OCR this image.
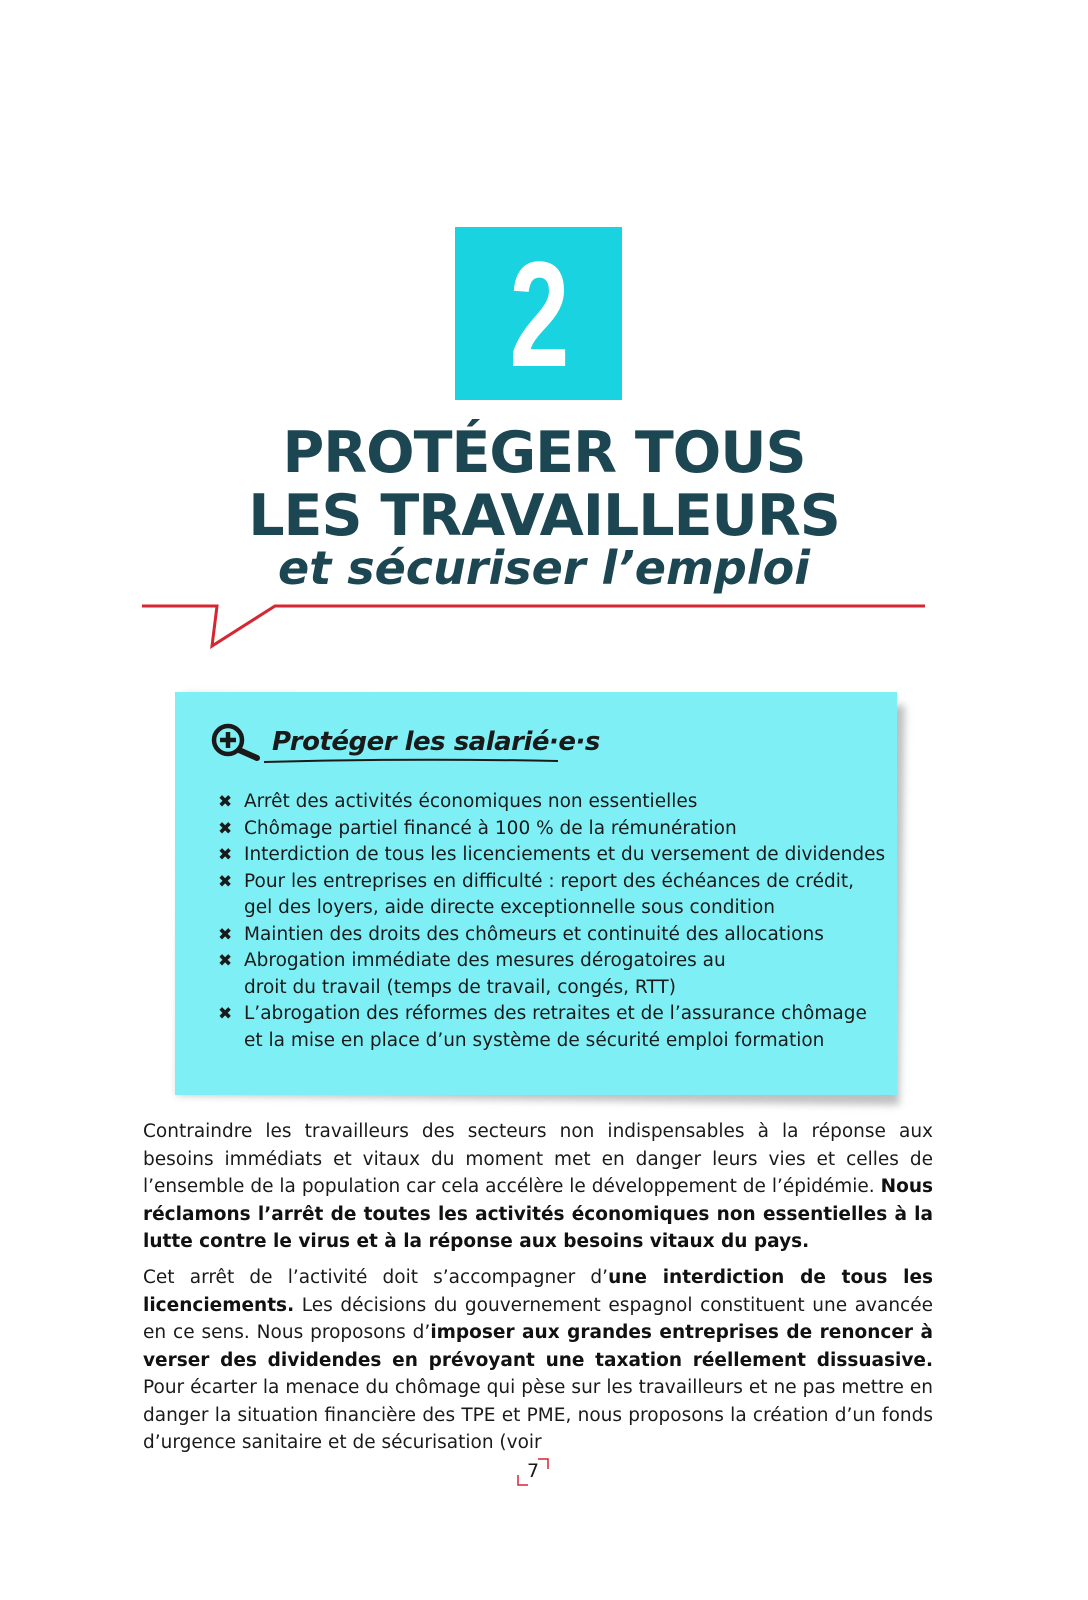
2
PROTÉGER TOUS
LES TRAVAILLEURS
et sécuriser l’emploi
Protéger les salarié·e·s
✖ Arrêt des activités économiques non essentielles
✖ Chômage partiel financé à 100 % de la rémunération
✖ Interdiction de tous les licenciements et du versement de dividendes
✖ Pour les entreprises en difficulté : report des échéances de crédit,
gel des loyers, aide directe exceptionnelle sous condition
✖ Maintien des droits des chômeurs et continuité des allocations
✖ Abrogation immédiate des mesures dérogatoires au
droit du travail (temps de travail, congés, RTT)
✖ L’abrogation des réformes des retraites et de l’assurance chômage
et la mise en place d’un système de sécurité emploi formation

Contraindre les travailleurs des secteurs non indispensables à la réponse aux besoins immédiats et vitaux du moment met en danger leurs vies et celles de l’ensemble de la population car cela accélère le développement de l’épidémie. Nous réclamons l’arrêt de toutes les activités économiques non essentielles à la lutte contre le virus et à la réponse aux besoins vitaux du pays.

Cet arrêt de l’activité doit s’accompagner d’une interdiction de tous les licenciements. Les décisions du gouvernement espagnol constituent une avancée en ce sens. Nous proposons d’imposer aux grandes entreprises de renoncer à verser des dividendes en prévoyant une taxation réellement dissuasive. Pour écarter la menace du chômage qui pèse sur les travailleurs et ne pas mettre en danger la situation financière des TPE et PME, nous proposons la création d’un fonds d’urgence sanitaire et de sécurisation (voir

7
